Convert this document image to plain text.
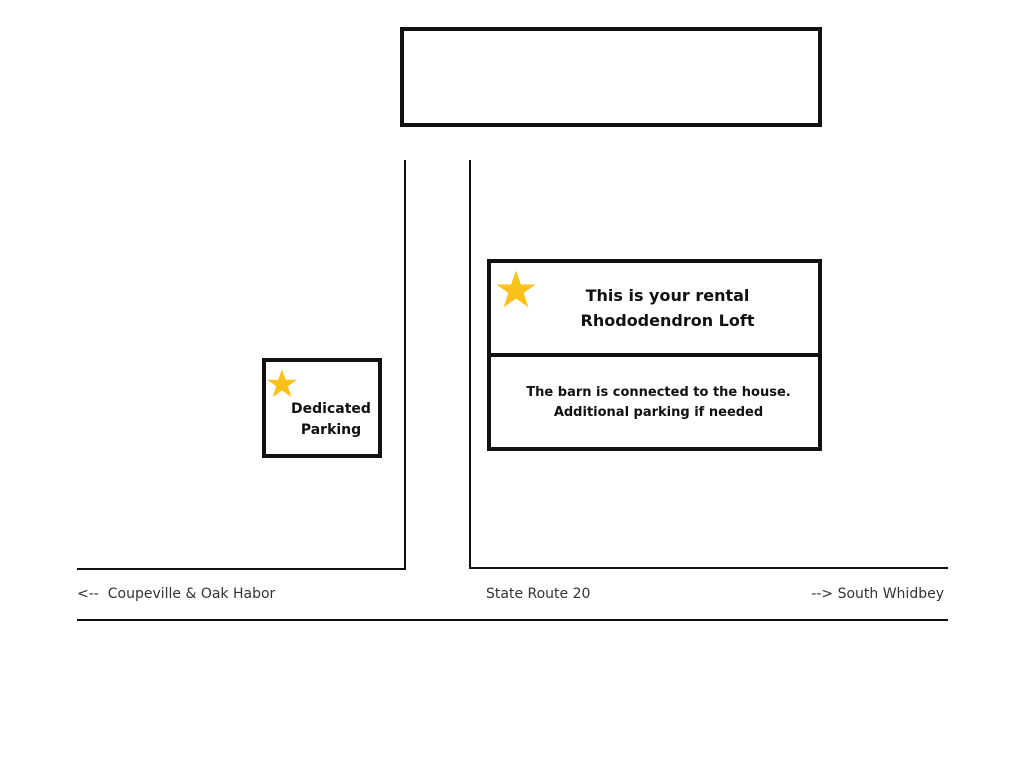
Dedicated
Parking
This is your rental
Rhododendron Loft
The barn is connected to the house.
Additional parking if needed
<--  Coupeville & Oak Habor	State Route 20	--> South Whidbey
